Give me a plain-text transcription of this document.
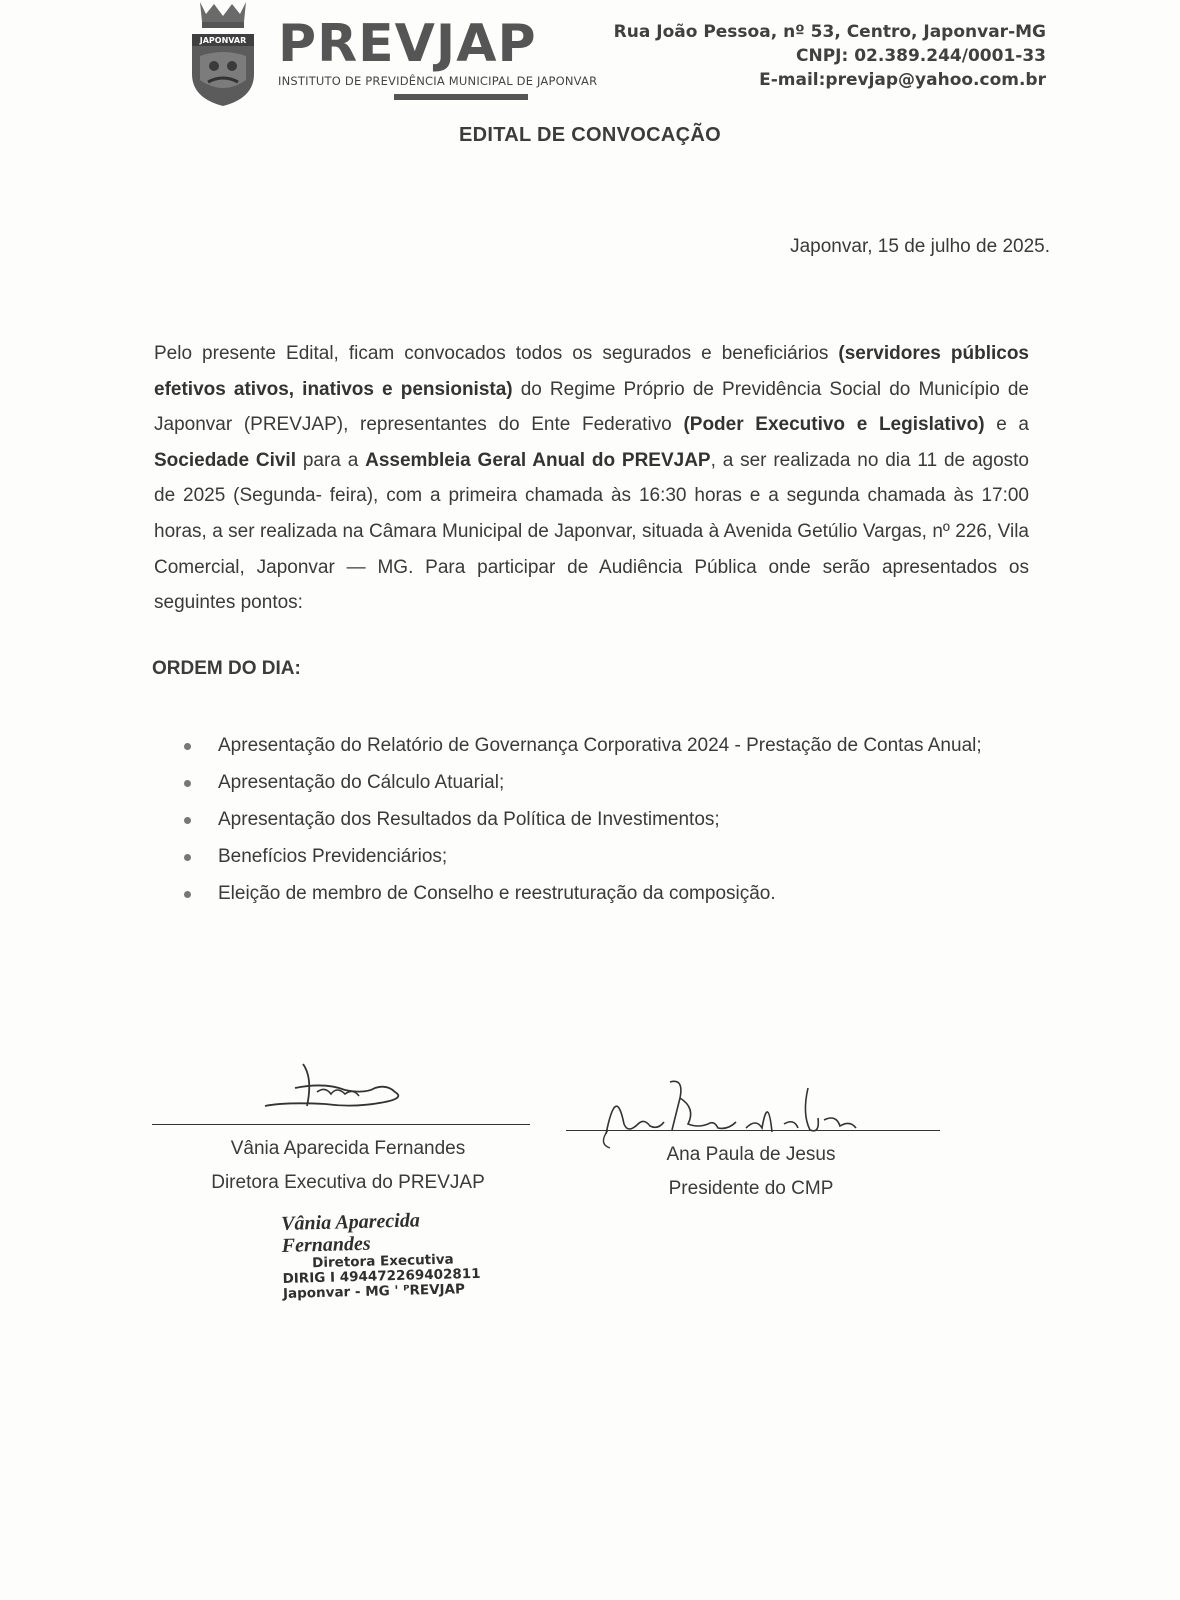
JAPONVAR PREVJAP
INSTITUTO DE PREVIDÊNCIA MUNICIPAL DE JAPONVAR
Rua João Pessoa, nº 53, Centro, Japonvar-MG
CNPJ: 02.389.244/0001-33
E-mail:prevjap@yahoo.com.br
EDITAL DE CONVOCAÇÃO
Japonvar, 15 de julho de 2025.
Pelo presente Edital, ficam convocados todos os segurados e beneficiários (servidores públicos efetivos ativos, inativos e pensionista) do Regime Próprio de Previdência Social do Município de Japonvar (PREVJAP), representantes do Ente Federativo (Poder Executivo e Legislativo) e a Sociedade Civil para a Assembleia Geral Anual do PREVJAP, a ser realizada no dia 11 de agosto de 2025 (Segunda- feira), com a primeira chamada às 16:30 horas e a segunda chamada às 17:00 horas, a ser realizada na Câmara Municipal de Japonvar, situada à Avenida Getúlio Vargas, nº 226, Vila Comercial, Japonvar — MG. Para participar de Audiência Pública onde serão apresentados os seguintes pontos:
ORDEM DO DIA:
Apresentação do Relatório de Governança Corporativa 2024 - Prestação de Contas Anual;
Apresentação do Cálculo Atuarial;
Apresentação dos Resultados da Política de Investimentos;
Benefícios Previdenciários;
Eleição de membro de Conselho e reestruturação da composição.
Vânia Aparecida Fernandes
Diretora Executiva do PREVJAP
Ana Paula de Jesus
Presidente do CMP
Vânia Aparecida Fernandes
Diretora Executiva
DIRIG I 494472269402811
Japonvar - MG ' ᴾREVJAP
